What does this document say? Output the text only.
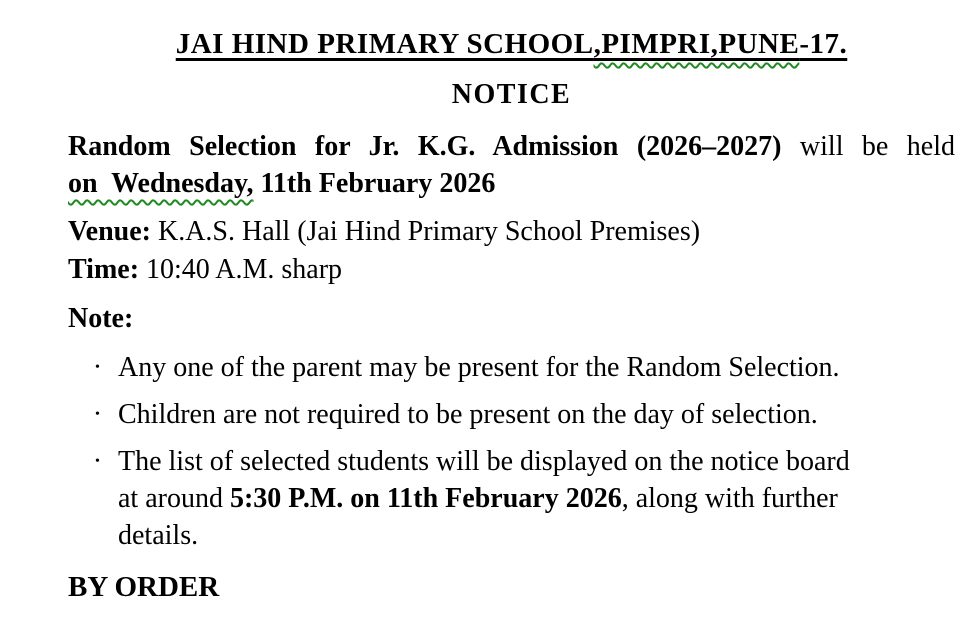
JAI HIND PRIMARY SCHOOL,PIMPRI,PUNE-17.
NOTICE
Random Selection for Jr. K.G. Admission (2026–2027) will be held
on  Wednesday, 11th February 2026
Venue: K.A.S. Hall (Jai Hind Primary School Premises)
Time: 10:40 A.M. sharp
Note:
• Any one of the parent may be present for the Random Selection.
• Children are not required to be present on the day of selection.
• The list of selected students will be displayed on the notice board
at around 5:30 P.M. on 11th February 2026, along with further
details.
BY ORDER
